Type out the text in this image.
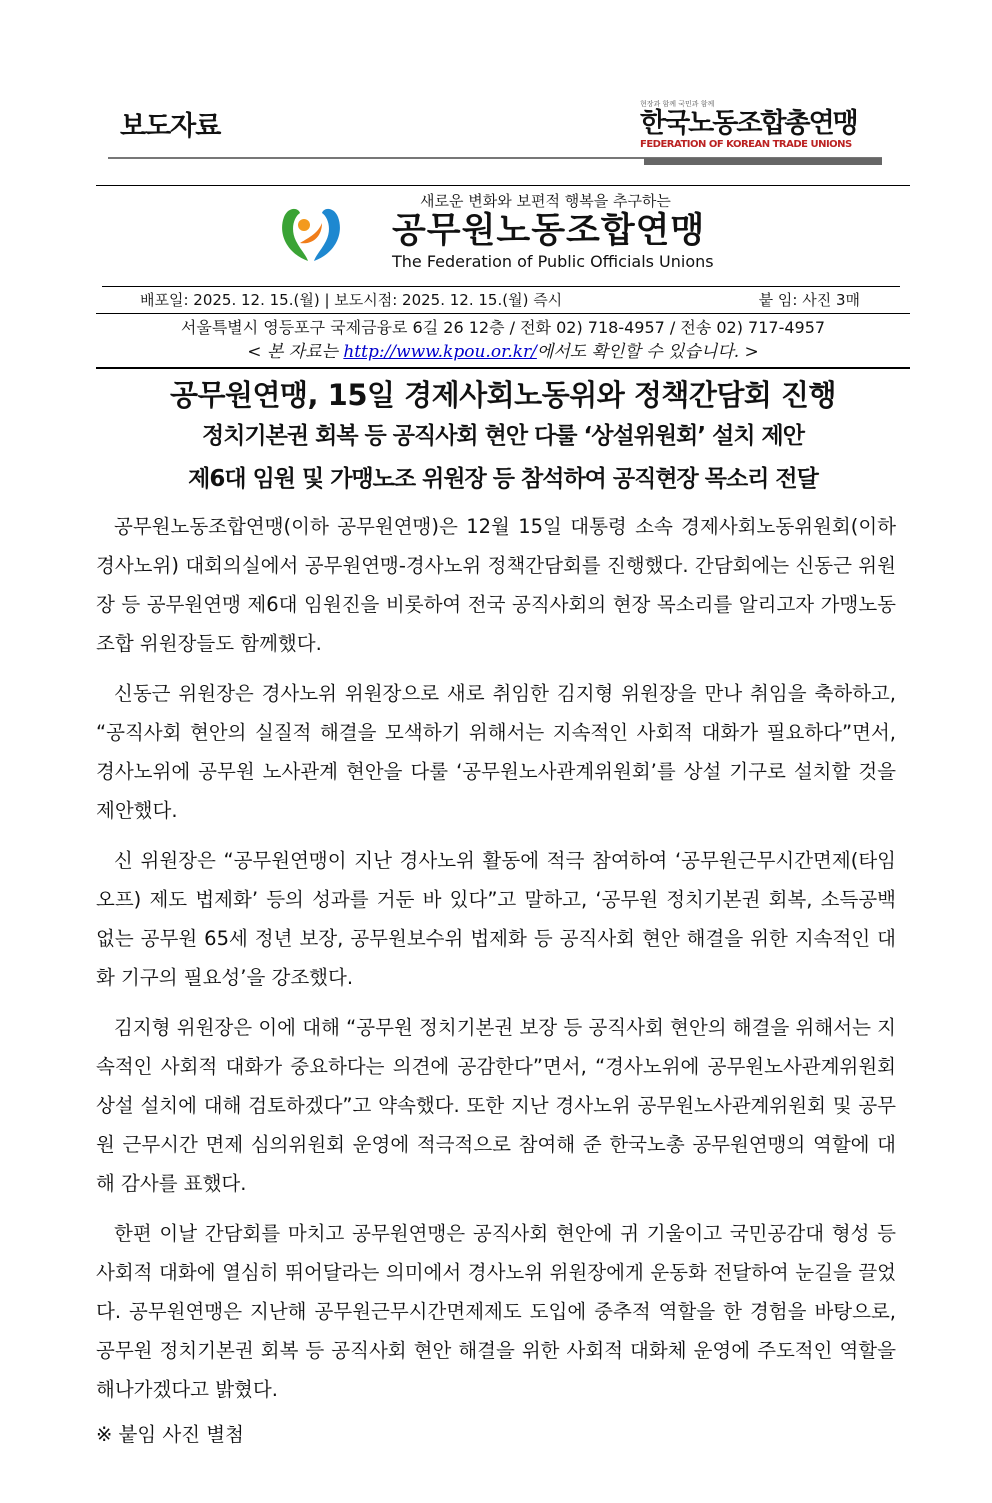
보도자료
현장과 함께 국민과 함께
한국노동조합총연맹
FEDERATION OF KOREAN TRADE UNIONS
새로운 변화와 보편적 행복을 추구하는
공무원노동조합연맹
The Federation of Public Officials Unions
배포일: 2025. 12. 15.(월) | 보도시점: 2025. 12. 15.(월) 즉시	붙 임: 사진 3매
서울특별시 영등포구 국제금융로 6길 26 12층 / 전화 02) 718-4957 / 전송 02) 717-4957
< 본 자료는 http://www.kpou.or.kr/에서도 확인할 수 있습니다. >
공무원연맹, 15일 경제사회노동위와 정책간담회 진행
정치기본권 회복 등 공직사회 현안 다룰 ‘상설위원회’ 설치 제안
제6대 임원 및 가맹노조 위원장 등 참석하여 공직현장 목소리 전달

공무원노동조합연맹(이하 공무원연맹)은 12월 15일 대통령 소속 경제사회노동위원회(이하 경사노위) 대회의실에서 공무원연맹-경사노위 정책간담회를 진행했다. 간담회에는 신동근 위원장 등 공무원연맹 제6대 임원진을 비롯하여 전국 공직사회의 현장 목소리를 알리고자 가맹노동조합 위원장들도 함께했다.

신동근 위원장은 경사노위 위원장으로 새로 취임한 김지형 위원장을 만나 취임을 축하하고, “공직사회 현안의 실질적 해결을 모색하기 위해서는 지속적인 사회적 대화가 필요하다”면서, 경사노위에 공무원 노사관계 현안을 다룰 ‘공무원노사관계위원회’를 상설 기구로 설치할 것을 제안했다.

신 위원장은 “공무원연맹이 지난 경사노위 활동에 적극 참여하여 ‘공무원근무시간면제(타임오프) 제도 법제화’ 등의 성과를 거둔 바 있다”고 말하고, ‘공무원 정치기본권 회복, 소득공백 없는 공무원 65세 정년 보장, 공무원보수위 법제화 등 공직사회 현안 해결을 위한 지속적인 대화 기구의 필요성’을 강조했다.

김지형 위원장은 이에 대해 “공무원 정치기본권 보장 등 공직사회 현안의 해결을 위해서는 지속적인 사회적 대화가 중요하다는 의견에 공감한다”면서, “경사노위에 공무원노사관계위원회 상설 설치에 대해 검토하겠다”고 약속했다. 또한 지난 경사노위 공무원노사관계위원회 및 공무원 근무시간 면제 심의위원회 운영에 적극적으로 참여해 준 한국노총 공무원연맹의 역할에 대해 감사를 표했다.

한편 이날 간담회를 마치고 공무원연맹은 공직사회 현안에 귀 기울이고 국민공감대 형성 등 사회적 대화에 열심히 뛰어달라는 의미에서 경사노위 위원장에게 운동화 전달하여 눈길을 끌었다. 공무원연맹은 지난해 공무원근무시간면제제도 도입에 중추적 역할을 한 경험을 바탕으로, 공무원 정치기본권 회복 등 공직사회 현안 해결을 위한 사회적 대화체 운영에 주도적인 역할을 해나가겠다고 밝혔다.

※ 붙임 사진 별첨
